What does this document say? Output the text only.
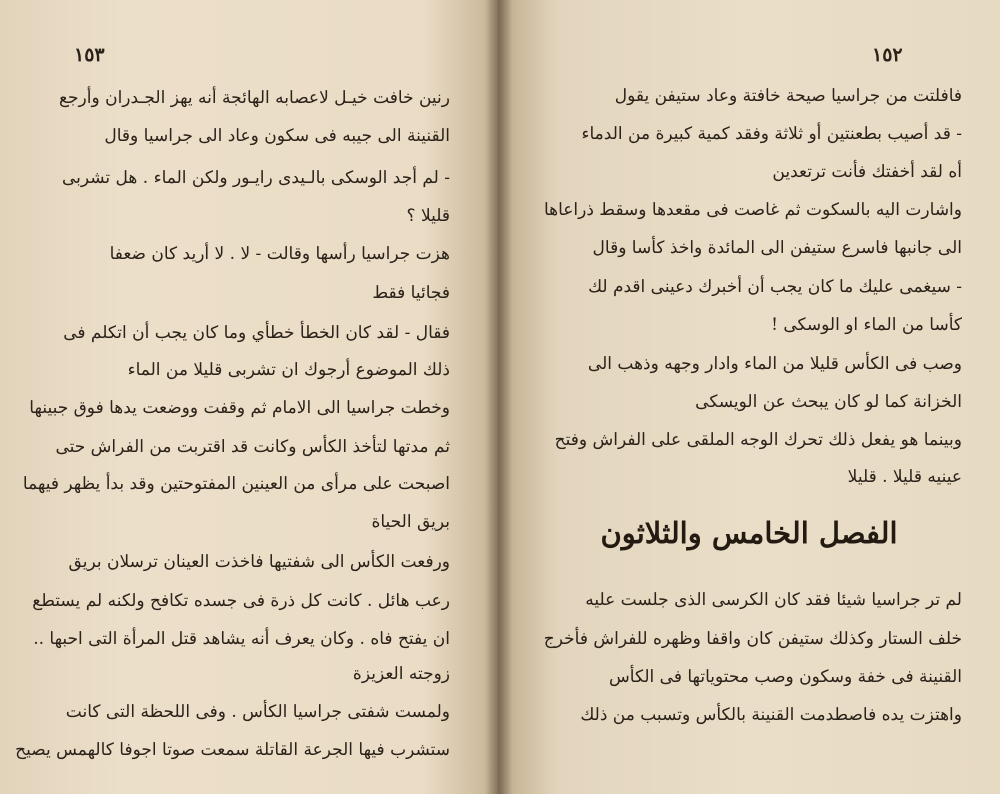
١٥٣
رنين خافت خيـل لاعصابه الهائجة أنه يهز الجـدران وأرجع
القنينة الى جيبه فى سكون وعاد الى جراسيا وقال
- لم أجد الوسكى بالـيدى رايـور ولكن الماء . هل تشربى
قليلا ؟
هزت جراسيا رأسها وقالت - لا . لا أريد كان ضعفا
فجائيا فقط
فقال - لقد كان الخطأ خطأي وما كان يجب أن اتكلم فى
ذلك الموضوع أرجوك ان تشربى قليلا من الماء
وخطت جراسيا الى الامام ثم وقفت ووضعت يدها فوق جبينها
ثم مدتها لتأخذ الكأس وكانت قد اقتربت من الفراش حتى
اصبحت على مرأى من العينين المفتوحتين وقد بدأ يظهر فيهما
بريق الحياة
ورفعت الكأس الى شفتيها فاخذت العينان ترسلان بريق
رعب هائل . كانت كل ذرة فى جسده تكافح ولكنه لم يستطع
ان يفتح فاه . وكان يعرف أنه يشاهد قتل المرأة التى احبها ..
زوجته العزيزة
ولمست شفتى جراسيا الكأس . وفى اللحظة التى كانت
ستشرب فيها الجرعة القاتلة سمعت صوتا اجوفا كالهمس يصيح
١٥٢
فافلتت من جراسيا صيحة خافتة وعاد ستيفن يقول
- قد أصيب بطعنتين أو ثلاثة وفقد كمية كبيرة من الدماء
أه لقد أخفتك فأنت ترتعدين
واشارت اليه بالسكوت ثم غاصت فى مقعدها وسقط ذراعاها
الى جانبها فاسرع ستيفن الى المائدة واخذ كأسا وقال
- سيغمى عليك ما كان يجب أن أخبرك دعينى اقدم لك
كأسا من الماء او الوسكى !
وصب فى الكأس قليلا من الماء وادار وجهه وذهب الى
الخزانة كما لو كان يبحث عن الويسكى
وبينما هو يفعل ذلك تحرك الوجه الملقى على الفراش وفتح
عينيه قليلا . قليلا
الفصل الخامس والثلاثون
لم تر جراسيا شيئا فقد كان الكرسى الذى جلست عليه
خلف الستار وكذلك ستيفن كان واقفا وظهره للفراش فأخرج
القنينة فى خفة وسكون وصب محتوياتها فى الكأس
واهتزت يده فاصطدمت القنينة بالكأس وتسبب من ذلك
